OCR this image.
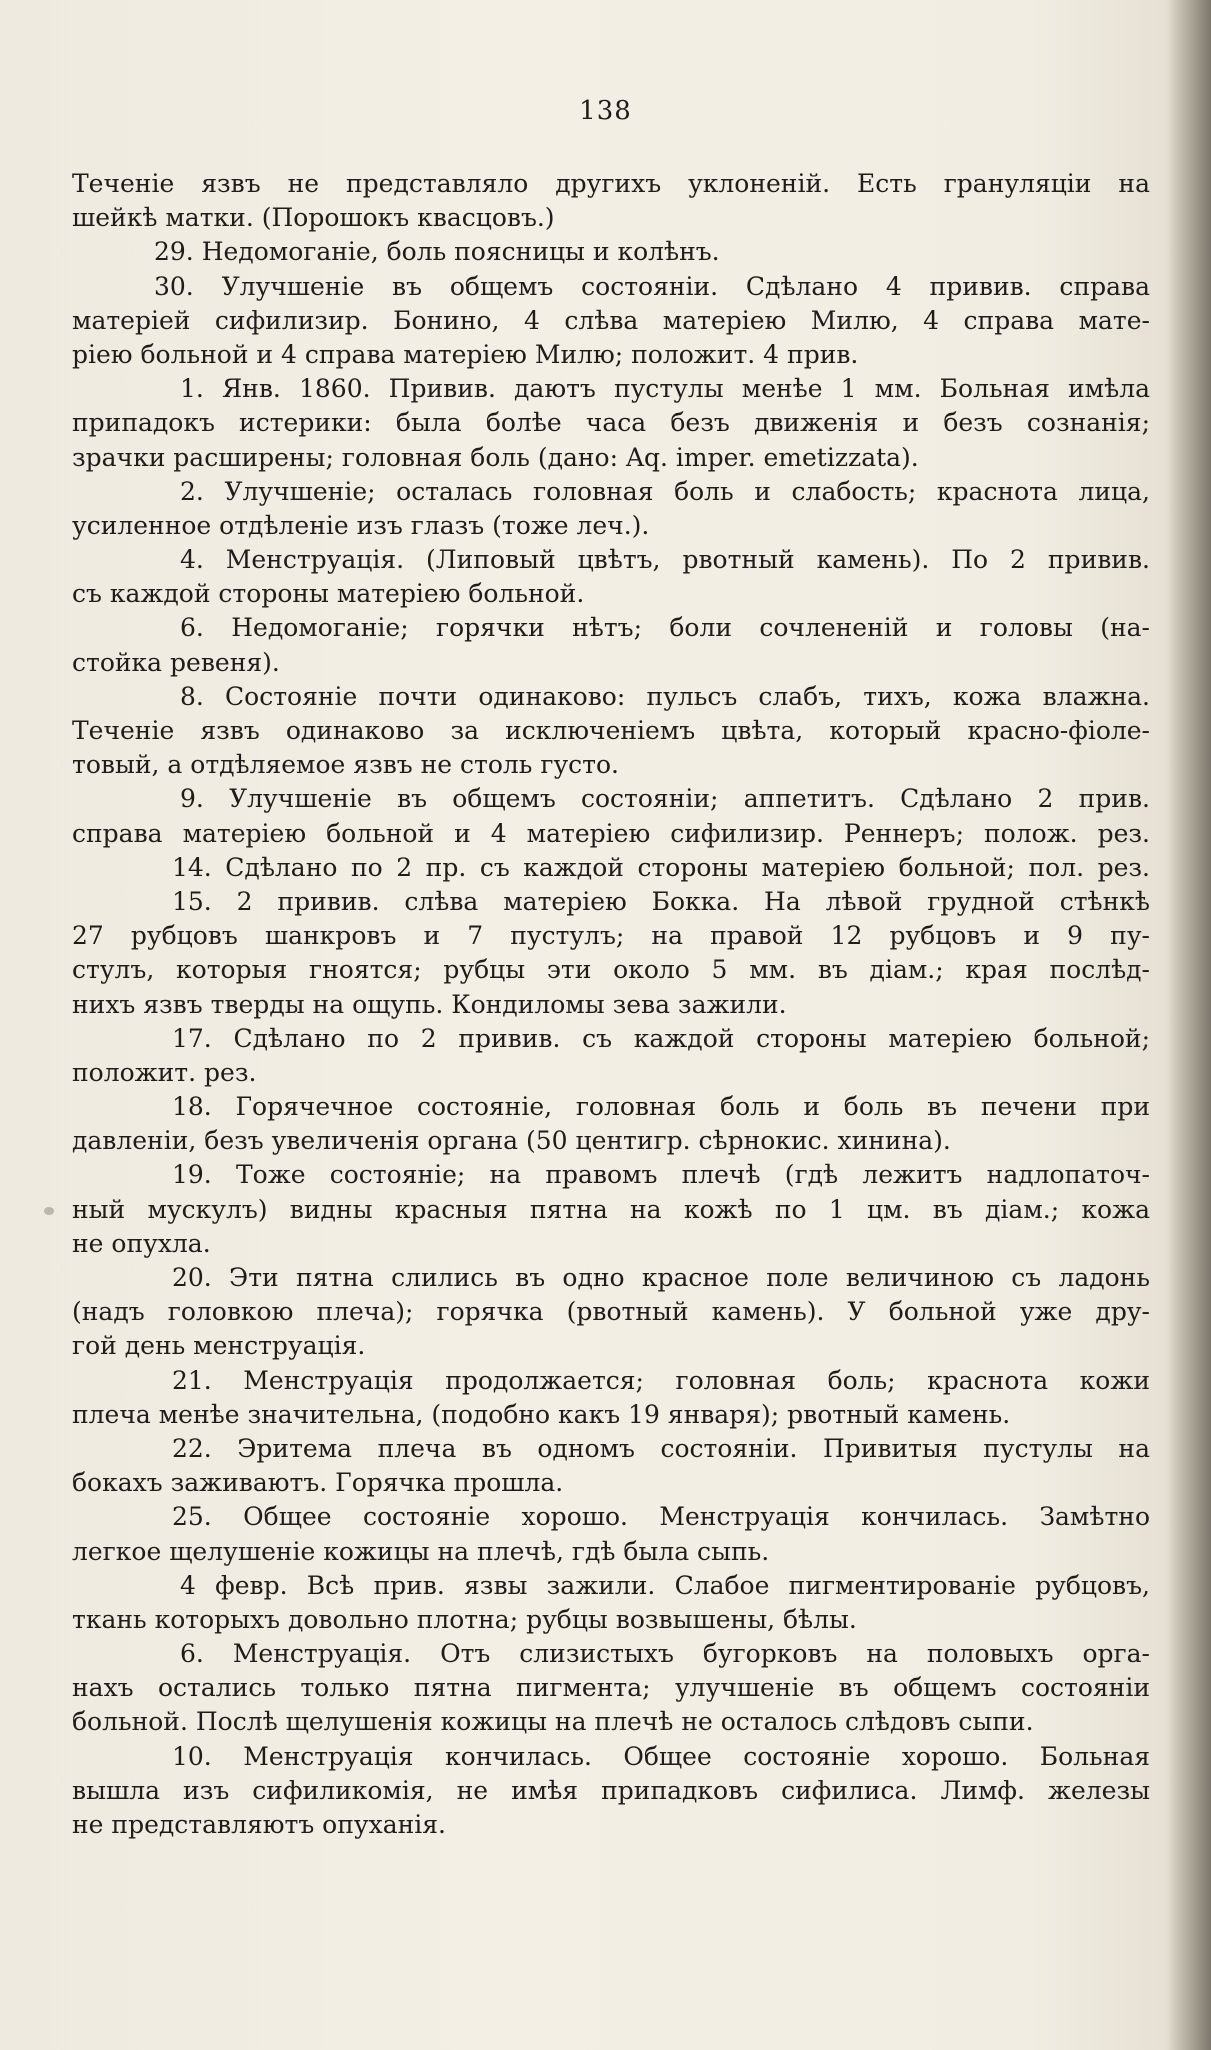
138
Теченіе язвъ не представляло другихъ уклоненій. Есть грануляціи на
шейкѣ матки. (Порошокъ квасцовъ.)
29. Недомоганіе, боль поясницы и колѣнъ.
30. Улучшеніе въ общемъ состояніи. Сдѣлано 4 привив. справа
матеріей сифилизир. Бонино, 4 слѣва матеріею Милю, 4 справа мате-
ріею больной и 4 справа матеріею Милю; положит. 4 прив.
1. Янв. 1860. Привив. даютъ пустулы менѣе 1 мм. Больная имѣла
припадокъ истерики: была болѣе часа безъ движенія и безъ сознанія;
зрачки расширены; головная боль (дано: Aq. imper. emetizzata).
2. Улучшеніе; осталась головная боль и слабость; краснота лица,
усиленное отдѣленіе изъ глазъ (тоже леч.).
4. Менструація. (Липовый цвѣтъ, рвотный камень). По 2 привив.
съ каждой стороны матеріею больной.
6. Недомоганіе; горячки нѣтъ; боли сочлененій и головы (на-
стойка ревеня).
8. Состояніе почти одинаково: пульсъ слабъ, тихъ, кожа влажна.
Теченіе язвъ одинаково за исключеніемъ цвѣта, который красно-фіоле-
товый, а отдѣляемое язвъ не столь густо.
9. Улучшеніе въ общемъ состояніи; аппетитъ. Сдѣлано 2 прив.
справа матеріею больной и 4 матеріею сифилизир. Реннеръ; полож. рез.
14. Сдѣлано по 2 пр. съ каждой стороны матеріею больной; пол. рез.
15. 2 привив. слѣва матеріею Бокка. На лѣвой грудной стѣнкѣ
27 рубцовъ шанкровъ и 7 пустулъ; на правой 12 рубцовъ и 9 пу-
стулъ, которыя гноятся; рубцы эти около 5 мм. въ діам.; края послѣд-
нихъ язвъ тверды на ощупь. Кондиломы зева зажили.
17. Сдѣлано по 2 привив. съ каждой стороны матеріею больной;
положит. рез.
18. Горячечное состояніе, головная боль и боль въ печени при
давленіи, безъ увеличенія органа (50 центигр. сѣрнокис. хинина).
19. Тоже состояніе; на правомъ плечѣ (гдѣ лежитъ надлопаточ-
ный мускулъ) видны красныя пятна на кожѣ по 1 цм. въ діам.; кожа
не опухла.
20. Эти пятна слились въ одно красное поле величиною съ ладонь
(надъ головкою плеча); горячка (рвотный камень). У больной уже дру-
гой день менструація.
21. Менструація продолжается; головная боль; краснота кожи
плеча менѣе значительна, (подобно какъ 19 января); рвотный камень.
22. Эритема плеча въ одномъ состояніи. Привитыя пустулы на
бокахъ заживаютъ. Горячка прошла.
25. Общее состояніе хорошо. Менструація кончилась. Замѣтно
легкое щелушеніе кожицы на плечѣ, гдѣ была сыпь.
4 февр. Всѣ прив. язвы зажили. Слабое пигментированіе рубцовъ,
ткань которыхъ довольно плотна; рубцы возвышены, бѣлы.
6. Менструація. Отъ слизистыхъ бугорковъ на половыхъ орга-
нахъ остались только пятна пигмента; улучшеніе въ общемъ состояніи
больной. Послѣ щелушенія кожицы на плечѣ не осталось слѣдовъ сыпи.
10. Менструація кончилась. Общее состояніе хорошо. Больная
вышла изъ сифиликомія, не имѣя припадковъ сифилиса. Лимф. железы
не представляютъ опуханія.
